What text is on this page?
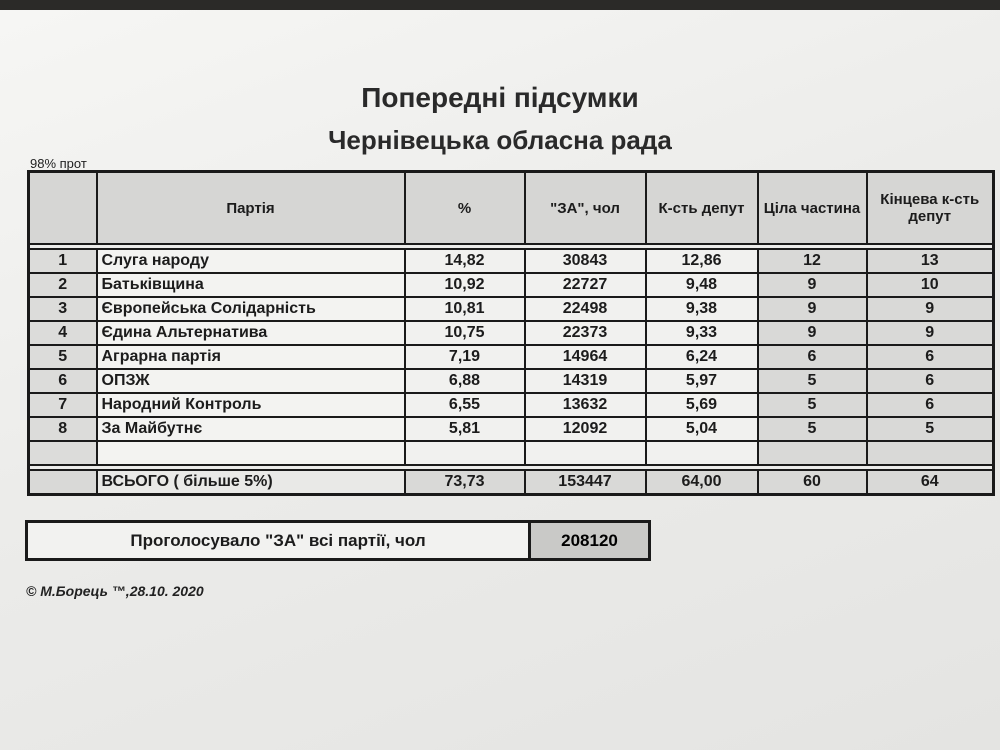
Попередні підсумки
Чернівецька обласна рада
98% прот
	Партія	%	"ЗА", чол	К-сть депут	Ціла частина	Кінцева к-сть депут

1	Слуга народу	14,82	30843	12,86	12	13
2	Батьківщина	10,92	22727	9,48	9	10
3	Європейська Солідарність	10,81	22498	9,38	9	9
4	Єдина Альтернатива	10,75	22373	9,33	9	9
5	Аграрна партія	7,19	14964	6,24	6	6
6	ОПЗЖ	6,88	14319	5,97	5	6
7	Народний Контроль	6,55	13632	5,69	5	6
8	За Майбутнє	5,81	12092	5,04	5	5

	ВСЬОГО ( більше 5%)	73,73	153447	64,00	60	64
Проголосувало "ЗА" всі партії, чол	208120
© М.Борець ™,28.10. 2020
